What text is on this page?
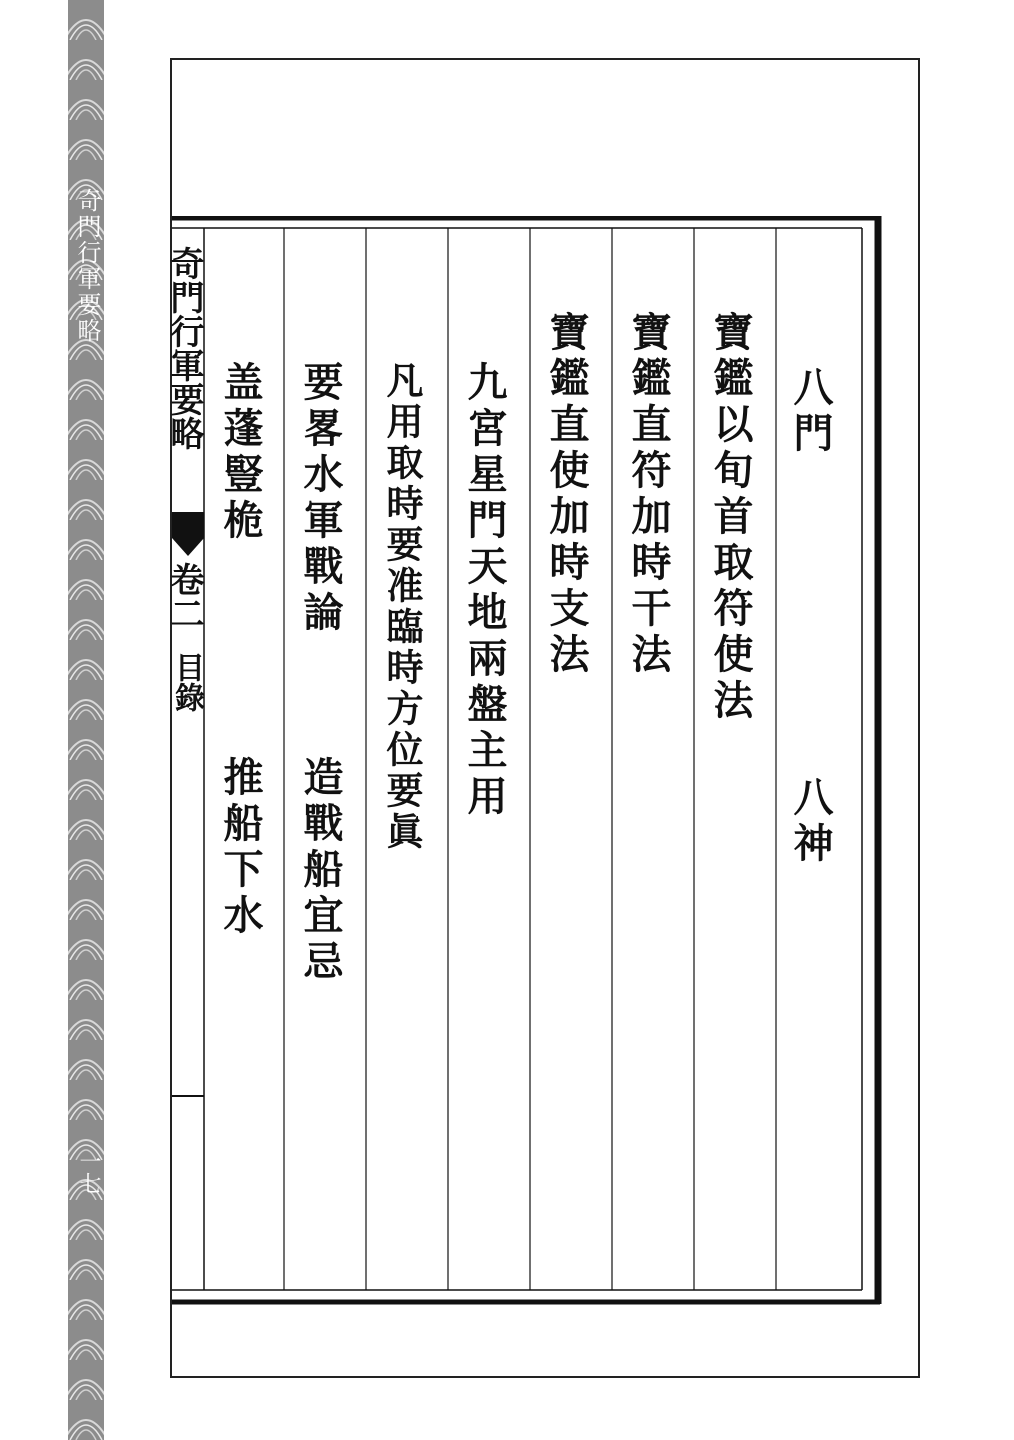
奇門行軍要略
一七
奇門行軍要略
卷二
目錄
八門
八神
寶鑑以旬首取符使法
寶鑑直符加時干法
寶鑑直使加時支法
九宮星門天地兩盤主用
凡用取時要准臨時方位要眞
要畧水軍戰論
造戰船宜忌
盖蓬豎桅
推船下水
